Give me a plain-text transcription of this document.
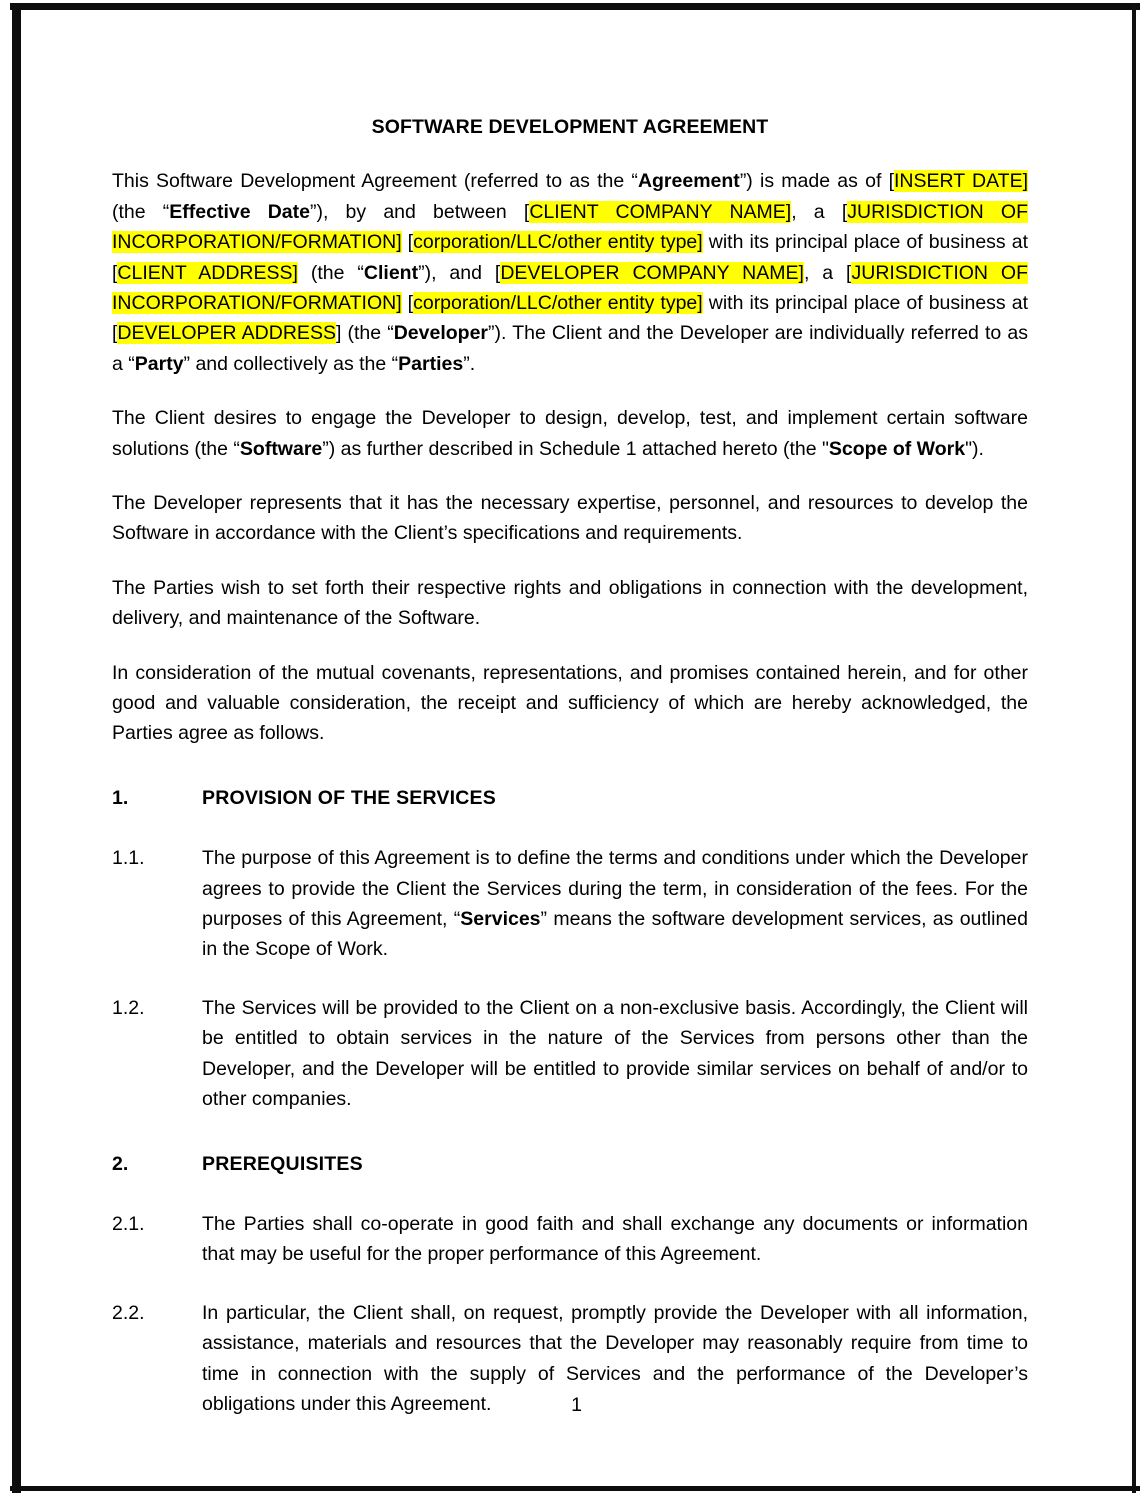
SOFTWARE DEVELOPMENT AGREEMENT

This Software Development Agreement (referred to as the “Agreement”) is made as of [INSERT DATE] (the “Effective Date”), by and between [CLIENT COMPANY NAME], a [JURISDICTION OF INCORPORATION/FORMATION] [corporation/LLC/other entity type] with its principal place of business at [CLIENT ADDRESS] (the “Client”), and [DEVELOPER COMPANY NAME], a [JURISDICTION OF INCORPORATION/FORMATION] [corporation/LLC/other entity type] with its principal place of business at [DEVELOPER ADDRESS] (the “Developer”). The Client and the Developer are individually referred to as a “Party” and collectively as the “Parties”.

The Client desires to engage the Developer to design, develop, test, and implement certain software solutions (the “Software”) as further described in Schedule 1 attached hereto (the "Scope of Work").

The Developer represents that it has the necessary expertise, personnel, and resources to develop the Software in accordance with the Client’s specifications and requirements.

The Parties wish to set forth their respective rights and obligations in connection with the development, delivery, and maintenance of the Software.

In consideration of the mutual covenants, representations, and promises contained herein, and for other good and valuable consideration, the receipt and sufficiency of which are hereby acknowledged, the Parties agree as follows.

1.	PROVISION OF THE SERVICES
1.1.	The purpose of this Agreement is to define the terms and conditions under which the Developer agrees to provide the Client the Services during the term, in consideration of the fees. For the purposes of this Agreement, “Services” means the software development services, as outlined in the Scope of Work.
1.2.	The Services will be provided to the Client on a non-exclusive basis. Accordingly, the Client will be entitled to obtain services in the nature of the Services from persons other than the Developer, and the Developer will be entitled to provide similar services on behalf of and/or to other companies.
2.	PREREQUISITES
2.1.	The Parties shall co-operate in good faith and shall exchange any documents or information that may be useful for the proper performance of this Agreement.
2.2.	In particular, the Client shall, on request, promptly provide the Developer with all information, assistance, materials and resources that the Developer may reasonably require from time to time in connection with the supply of Services and the performance of the Developer’s obligations under this Agreement.	1
